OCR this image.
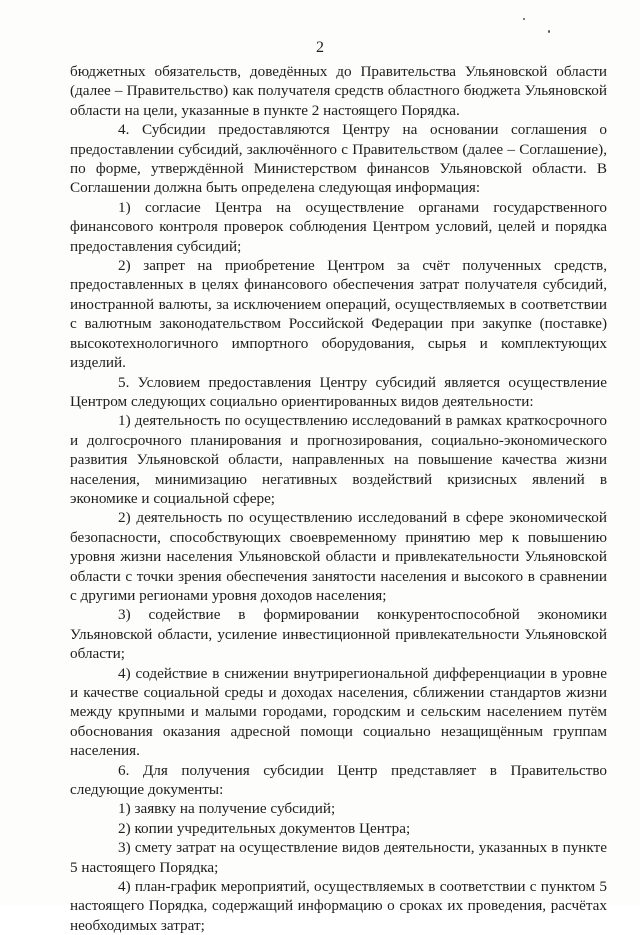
2

бюджетных обязательств, доведённых до Правительства Ульяновской области (далее – Правительство) как получателя средств областного бюджета Ульяновской области на цели, указанные в пункте 2 настоящего Порядка.

4. Субсидии предоставляются Центру на основании соглашения о предоставлении субсидий, заключённого с Правительством (далее – Соглашение), по форме, утверждённой Министерством финансов Ульяновской области. В Соглашении должна быть определена следующая информация:

1) согласие Центра на осуществление органами государственного финансового контроля проверок соблюдения Центром условий, целей и порядка предоставления субсидий;

2) запрет на приобретение Центром за счёт полученных средств, предоставленных в целях финансового обеспечения затрат получателя субсидий, иностранной валюты, за исключением операций, осуществляемых в соответствии с валютным законодательством Российской Федерации при закупке (поставке) высокотехнологичного импортного оборудования, сырья и комплектующих изделий.

5. Условием предоставления Центру субсидий является осуществление Центром следующих социально ориентированных видов деятельности:

1) деятельность по осуществлению исследований в рамках краткосрочного и долгосрочного планирования и прогнозирования, социально-экономического развития Ульяновской области, направленных на повышение качества жизни населения, минимизацию негативных воздействий кризисных явлений в экономике и социальной сфере;

2) деятельность по осуществлению исследований в сфере экономической безопасности, способствующих своевременному принятию мер к повышению уровня жизни населения Ульяновской области и привлекательности Ульяновской области с точки зрения обеспечения занятости населения и высокого в сравнении с другими регионами уровня доходов населения;

3) содействие в формировании конкурентоспособной экономики Ульяновской области, усиление инвестиционной привлекательности Ульяновской области;

4) содействие в снижении внутрирегиональной дифференциации в уровне и качестве социальной среды и доходах населения, сближении стандартов жизни между крупными и малыми городами, городским и сельским населением путём обоснования оказания адресной помощи социально незащищённым группам населения.

6. Для получения субсидии Центр представляет в Правительство следующие документы:

1) заявку на получение субсидий;

2) копии учредительных документов Центра;

3) смету затрат на осуществление видов деятельности, указанных в пункте 5 настоящего Порядка;

4) план-график мероприятий, осуществляемых в соответствии с пунктом 5 настоящего Порядка, содержащий информацию о сроках их проведения, расчётах необходимых затрат;
